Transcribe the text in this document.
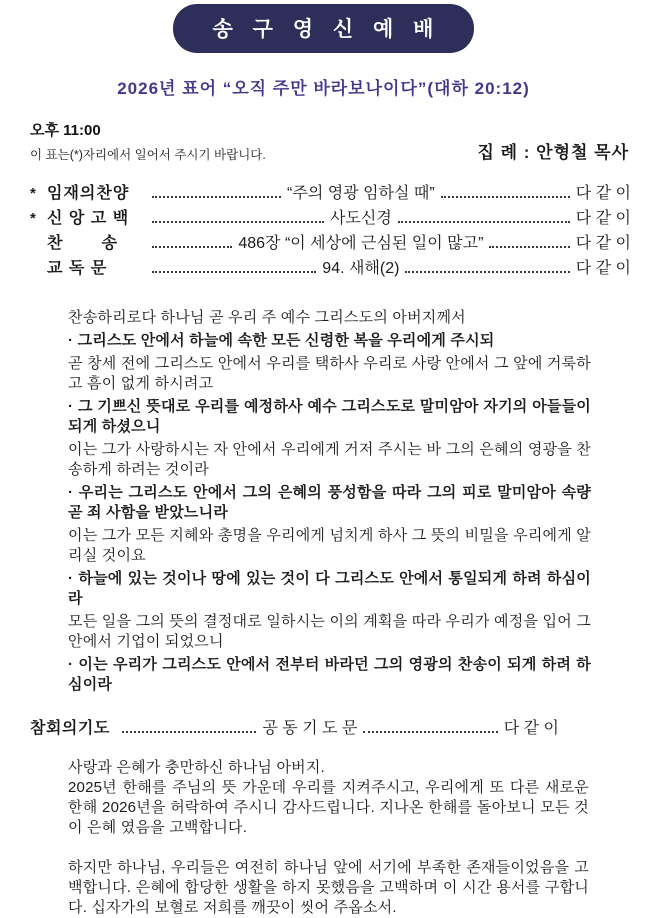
송 구 영 신 예 배
2026년 표어 “오직 주만 바라보나이다”(대하 20:12)
오후 11:00
이 표는(*)자리에서 일어서 주시기 바랍니다.	집 례 : 안형철 목사
* 임재의찬양	“주의 영광 임하실 때”	다 같 이
* 신 앙 고 백	사도신경	다 같 이
찬       송	486장 “이 세상에 근심된 일이 많고”	다 같 이
교 독 문	94. 새해(2)	다 같 이

찬송하리로다 하나님 곧 우리 주 예수 그리스도의 아버지께서

· 그리스도 안에서 하늘에 속한 모든 신령한 복을 우리에게 주시되

곧 창세 전에 그리스도 안에서 우리를 택하사 우리로 사랑 안에서 그 앞에 거룩하고 흠이 없게 하시려고

· 그 기쁘신 뜻대로 우리를 예정하사 예수 그리스도로 말미암아 자기의 아들들이 되게 하셨으니

이는 그가 사랑하시는 자 안에서 우리에게 거저 주시는 바 그의 은혜의 영광을 찬송하게 하려는 것이라

· 우리는 그리스도 안에서 그의 은혜의 풍성함을 따라 그의 피로 말미암아 속량 곧 죄 사함을 받았느니라

이는 그가 모든 지혜와 총명을 우리에게 넘치게 하사 그 뜻의 비밀을 우리에게 알리실 것이요

· 하늘에 있는 것이나 땅에 있는 것이 다 그리스도 안에서 통일되게 하려 하심이라

모든 일을 그의 뜻의 결정대로 일하시는 이의 계획을 따라 우리가 예정을 입어 그 안에서 기업이 되었으니

· 이는 우리가 그리스도 안에서 전부터 바라던 그의 영광의 찬송이 되게 하려 하심이라

참회의기도	공 동 기 도 문	다 같 이

사랑과 은혜가 충만하신 하나님 아버지.

2025년 한해를 주님의 뜻 가운데 우리를 지켜주시고, 우리에게 또 다른 새로운 한해 2026년을 허락하여 주시니 감사드립니다. 지나온 한해를 돌아보니 모든 것이 은혜 였음을 고백합니다.

하지만 하나님, 우리들은 여전히 하나님 앞에 서기에 부족한 존재들이었음을 고백합니다. 은혜에 합당한 생활을 하지 못했음을 고백하며 이 시간 용서를 구합니다. 십자가의 보혈로 저희를 깨끗이 씻어 주옵소서.
